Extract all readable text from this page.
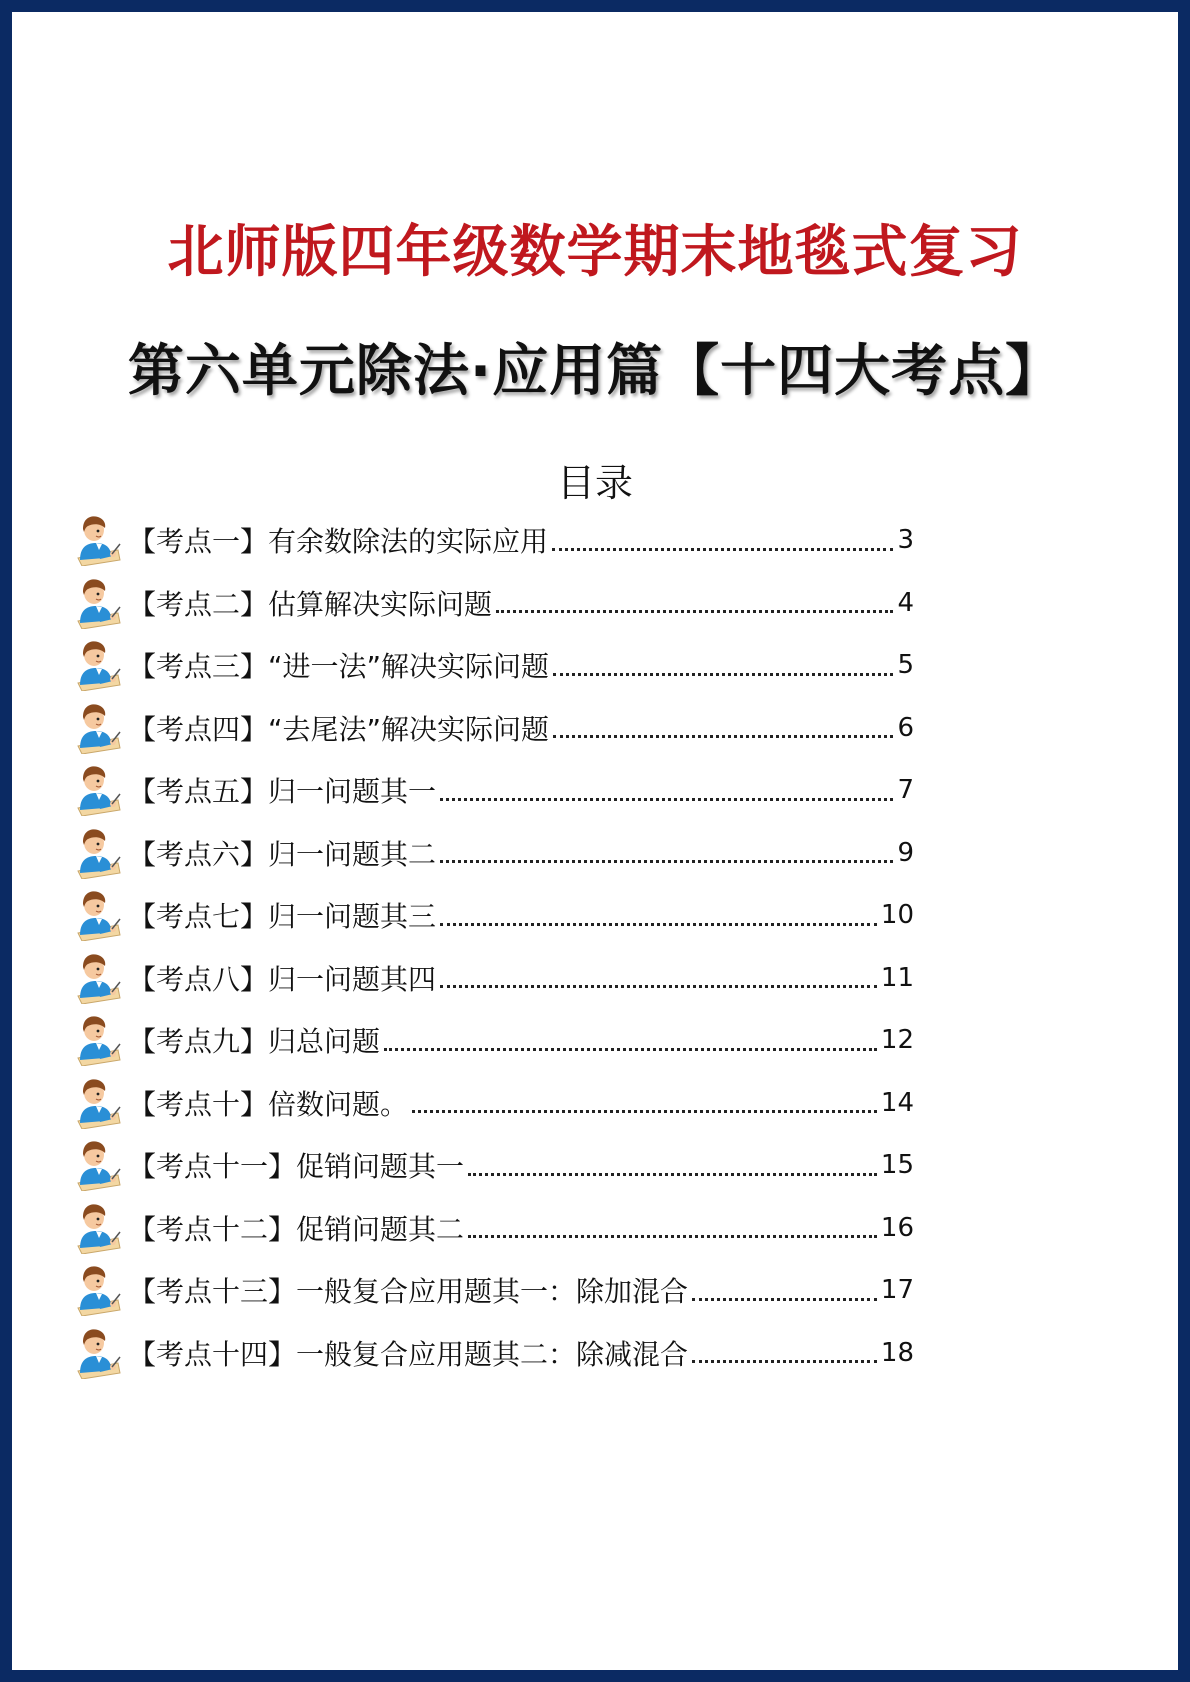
北师版四年级数学期末地毯式复习
第六单元除法·应用篇【十四大考点】
目录
【考点一】有余数除法的实际应用	3
【考点二】估算解决实际问题	4
【考点三】“进一法”解决实际问题	5
【考点四】“去尾法”解决实际问题	6
【考点五】归一问题其一	7
【考点六】归一问题其二	9
【考点七】归一问题其三	10
【考点八】归一问题其四	11
【考点九】归总问题	12
【考点十】倍数问题。	14
【考点十一】促销问题其一	15
【考点十二】促销问题其二	16
【考点十三】一般复合应用题其一：除加混合	17
【考点十四】一般复合应用题其二：除减混合	18
